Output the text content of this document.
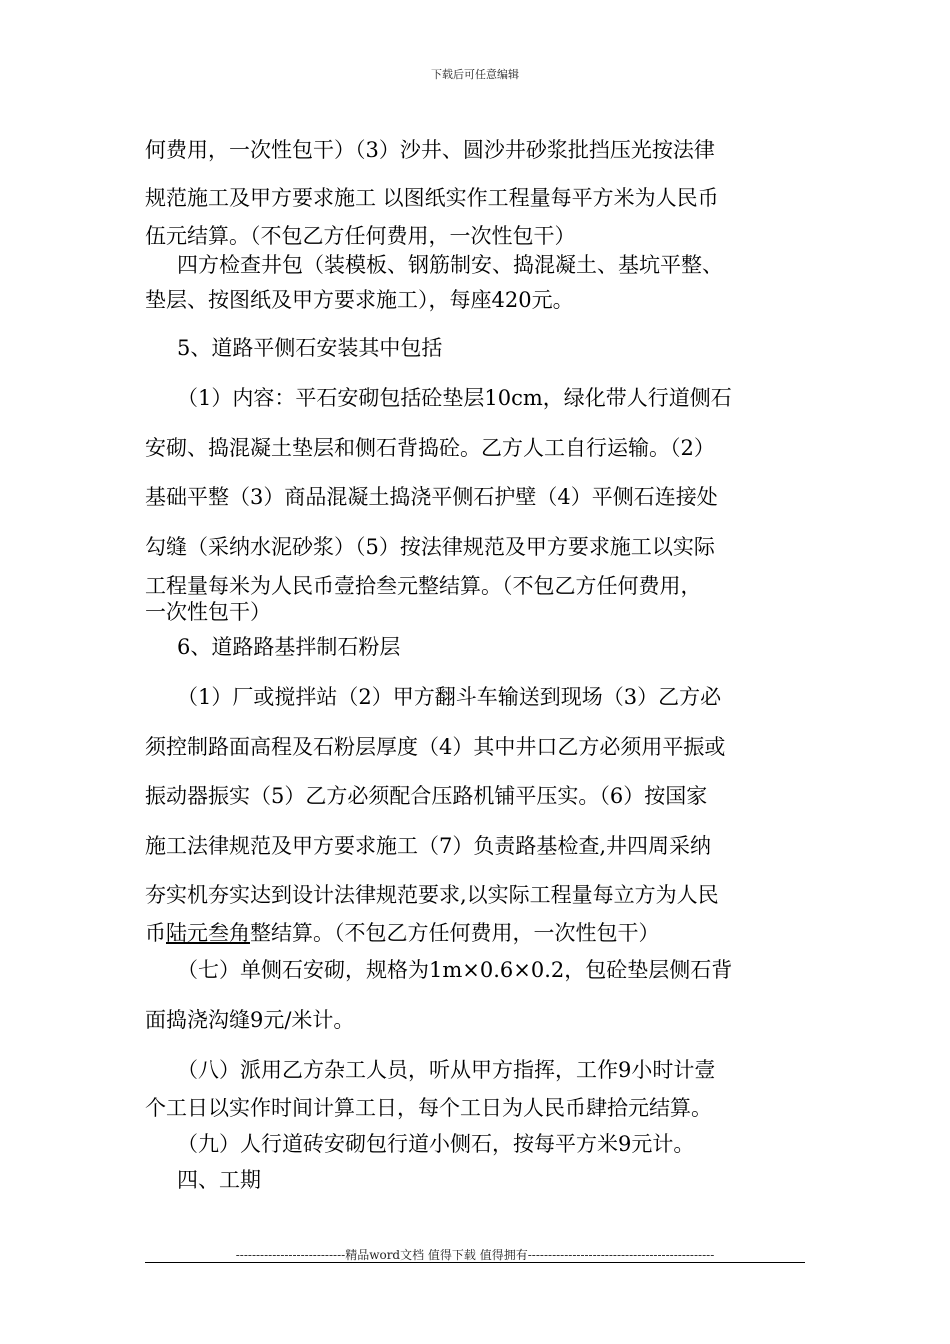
下载后可任意编辑
何费用，一次性包干）（3）沙井、圆沙井砂浆批挡压光按法律
规范施工及甲方要求施工 以图纸实作工程量每平方米为人民币
伍元结算。（不包乙方任何费用，一次性包干）
四方检查井包（装模板、钢筋制安、捣混凝土、基坑平整、
垫层、按图纸及甲方要求施工），每座420元。
5、道路平侧石安装其中包括
（1）内容：平石安砌包括砼垫层10cm，绿化带人行道侧石
安砌、捣混凝土垫层和侧石背捣砼。乙方人工自行运输。（2）
基础平整（3）商品混凝土捣浇平侧石护壁（4）平侧石连接处
勾缝（采纳水泥砂浆）（5）按法律规范及甲方要求施工以实际
工程量每米为人民币壹拾叁元整结算。（不包乙方任何费用，
一次性包干）
6、道路路基拌制石粉层
（1）厂或搅拌站（2）甲方翻斗车输送到现场（3）乙方必
须控制路面高程及石粉层厚度（4）其中井口乙方必须用平振或
振动器振实（5）乙方必须配合压路机铺平压实。（6）按国家
施工法律规范及甲方要求施工（7）负责路基检查,井四周采纳
夯实机夯实达到设计法律规范要求,以实际工程量每立方为人民
币陆元叁角整结算。（不包乙方任何费用，一次性包干）
（七）单侧石安砌，规格为1m×0.6×0.2，包砼垫层侧石背
面捣浇沟缝9元/米计。
（八）派用乙方杂工人员，听从甲方指挥，工作9小时计壹
个工日以实作时间计算工日，每个工日为人民币肆拾元结算。
（九）人行道砖安砌包行道小侧石，按每平方米9元计。
四、工期
---------------------------精品word文档 值得下载 值得拥有----------------------------------------------
